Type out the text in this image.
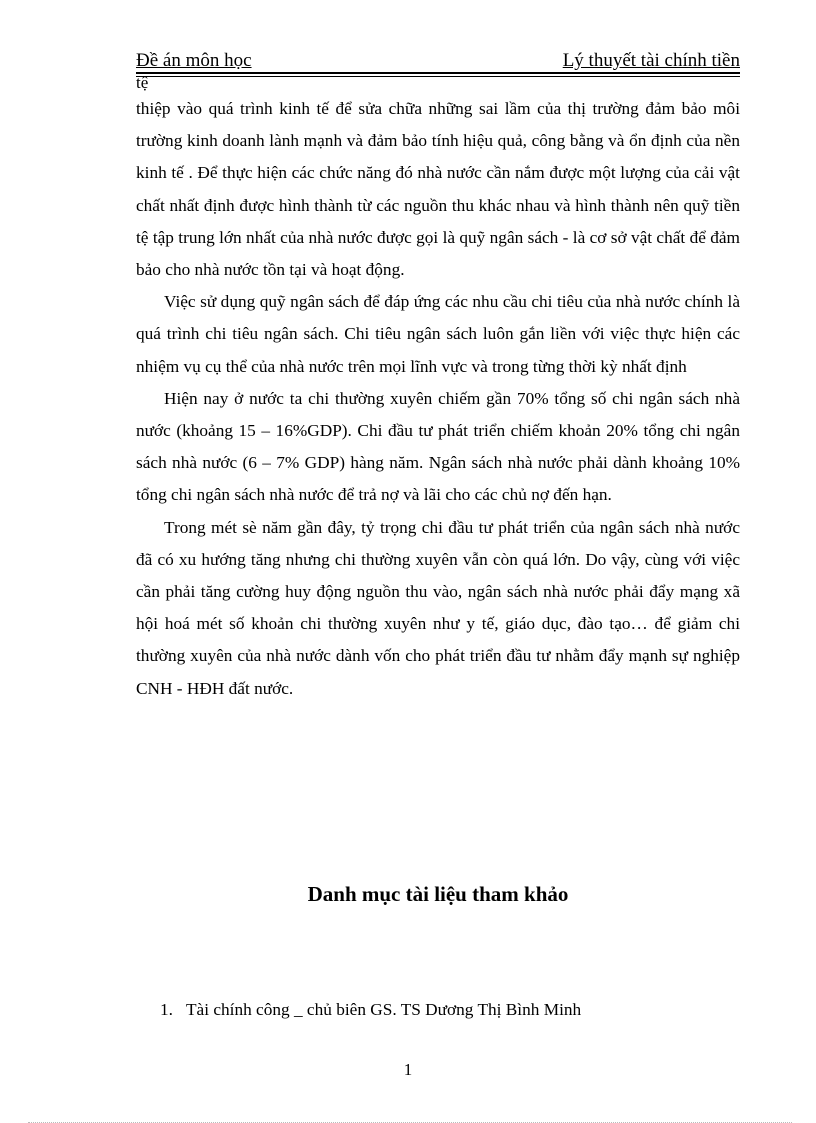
Đề án môn học	Lý thuyết tài chính tiền
tệ

thiệp vào quá trình kinh tế để sửa chữa những sai lầm của thị trường đảm bảo môi trường kinh doanh lành mạnh và đảm bảo tính hiệu quả, công bằng và ổn định của nền kinh tế . Để thực hiện các chức năng đó nhà nước cần nắm được một lượng của cải vật chất nhất định được hình thành từ các nguồn thu khác nhau và hình thành nên quỹ tiền tệ tập trung lớn nhất của nhà nước được gọi là quỹ ngân sách - là cơ sở vật chất để đảm bảo cho nhà nước tồn tại và hoạt động.

Việc sử dụng quỹ ngân sách để đáp ứng các nhu cầu chi tiêu của nhà nước chính là quá trình chi tiêu ngân sách. Chi tiêu ngân sách luôn gắn liền với việc thực hiện các nhiệm vụ cụ thể của nhà nước trên mọi lĩnh vực và trong từng thời kỳ nhất định

Hiện nay ở nước ta chi thường xuyên chiếm gần 70% tổng số chi ngân sách nhà nước (khoảng 15 – 16%GDP). Chi đầu tư phát triển chiếm khoản 20% tổng chi ngân sách nhà nước (6 – 7% GDP) hàng năm. Ngân sách nhà nước phải dành khoảng 10% tổng chi ngân sách nhà nước để trả nợ và lãi cho các chủ nợ đến hạn.

Trong mét sè năm gần đây, tỷ trọng chi đầu tư phát triển của ngân sách nhà nước đã có xu hướng tăng nhưng chi thường xuyên vẫn còn quá lớn. Do vậy, cùng với việc cần phải tăng cường huy động nguồn thu vào, ngân sách nhà nước phải đẩy mạng xã hội hoá mét số khoản chi thường xuyên như y tế, giáo dục, đào tạo… để giảm chi thường xuyên của nhà nước dành vốn cho phát triển đầu tư nhằm đẩy mạnh sự nghiệp CNH - HĐH đất nước.

Danh mục tài liệu tham khảo
1. Tài chính công _ chủ biên GS. TS Dương Thị Bình Minh
1
